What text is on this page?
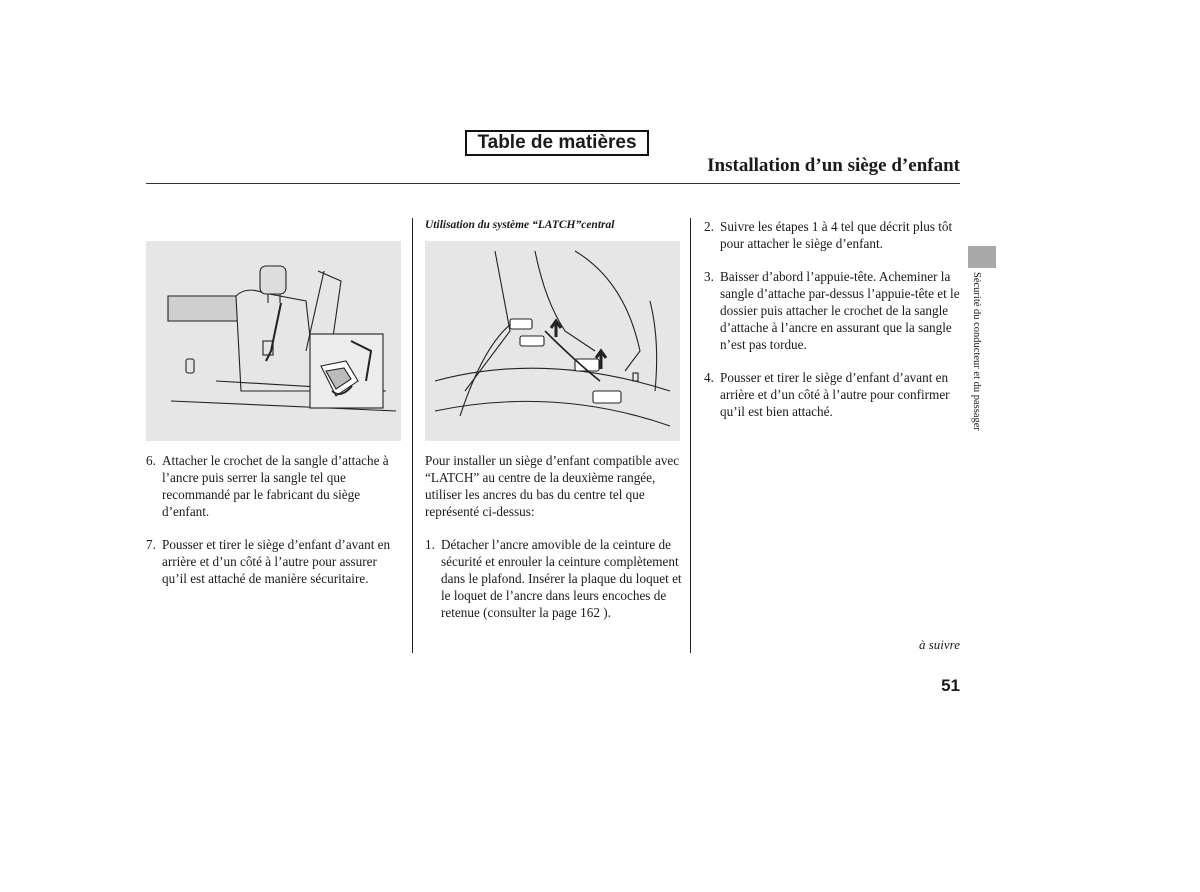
Table de matières
Installation d’un siège d’enfant
Utilisation du système “LATCH”central
6. Attacher le crochet de la sangle d’attache à l’ancre puis serrer la sangle tel que recommandé par le fabricant du siège d’enfant.
7. Pousser et tirer le siège d’enfant d’avant en arrière et d’un côté à l’autre pour assurer qu’il est attaché de manière sécuritaire.

Pour installer un siège d’enfant compatible avec “LATCH” au centre de la deuxième rangée, utiliser les ancres du bas du centre tel que représenté ci-dessus:

1. Détacher l’ancre amovible de la ceinture de sécurité et enrouler la ceinture complètement dans le plafond. Insérer la plaque du loquet et le loquet de l’ancre dans leurs encoches de retenue (consulter la page 162 ).
2. Suivre les étapes 1 à 4 tel que décrit plus tôt pour attacher le siège d’enfant.
3. Baisser d’abord l’appuie-tête. Acheminer la sangle d’attache par-dessus l’appuie-tête et le dossier puis attacher le crochet de la sangle d’attache à l’ancre en assurant que la sangle n’est pas tordue.
4. Pousser et tirer le siège d’enfant d’avant en arrière et d’un côté à l’autre pour confirmer qu’il est bien attaché.	Sécurité du conducteur et du passager
à suivre
51
